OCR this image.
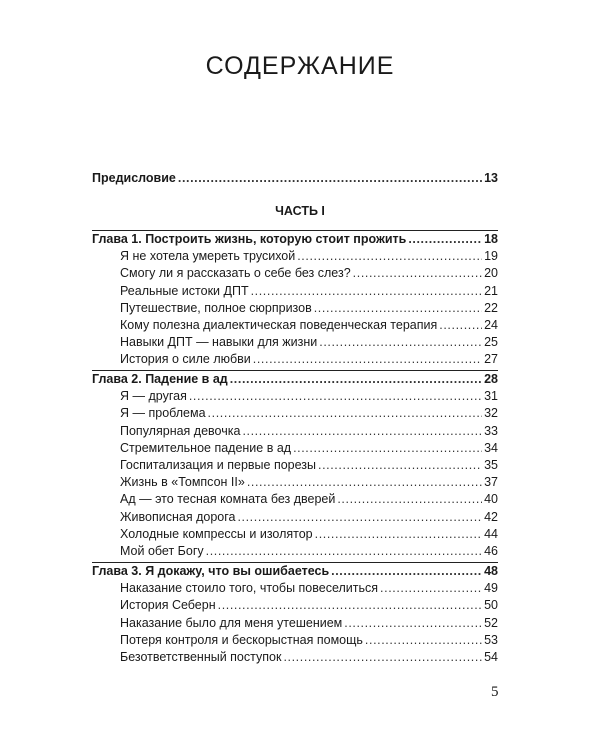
СОДЕРЖАНИЕ
Предисловие .....	13
ЧАСТЬ I
Глава 1. Построить жизнь, которую стоит прожить .....	18
Я не хотела умереть трусихой .....	19
Смогу ли я рассказать о себе без слез? .....	20
Реальные истоки ДПТ .....	21
Путешествие, полное сюрпризов .....	22
Кому полезна диалектическая поведенческая терапия .....	24
Навыки ДПТ — навыки для жизни .....	25
История о силе любви .....	27
Глава 2. Падение в ад .....	28
Я — другая .....	31
Я — проблема .....	32
Популярная девочка .....	33
Стремительное падение в ад .....	34
Госпитализация и первые порезы .....	35
Жизнь в «Томпсон II» .....	37
Ад — это тесная комната без дверей .....	40
Живописная дорога .....	42
Холодные компрессы и изолятор .....	44
Мой обет Богу .....	46
Глава 3. Я докажу, что вы ошибаетесь .....	48
Наказание стоило того, чтобы повеселиться .....	49
История Себерн .....	50
Наказание было для меня утешением .....	52
Потеря контроля и бескорыстная помощь .....	53
Безответственный поступок .....	54
5
